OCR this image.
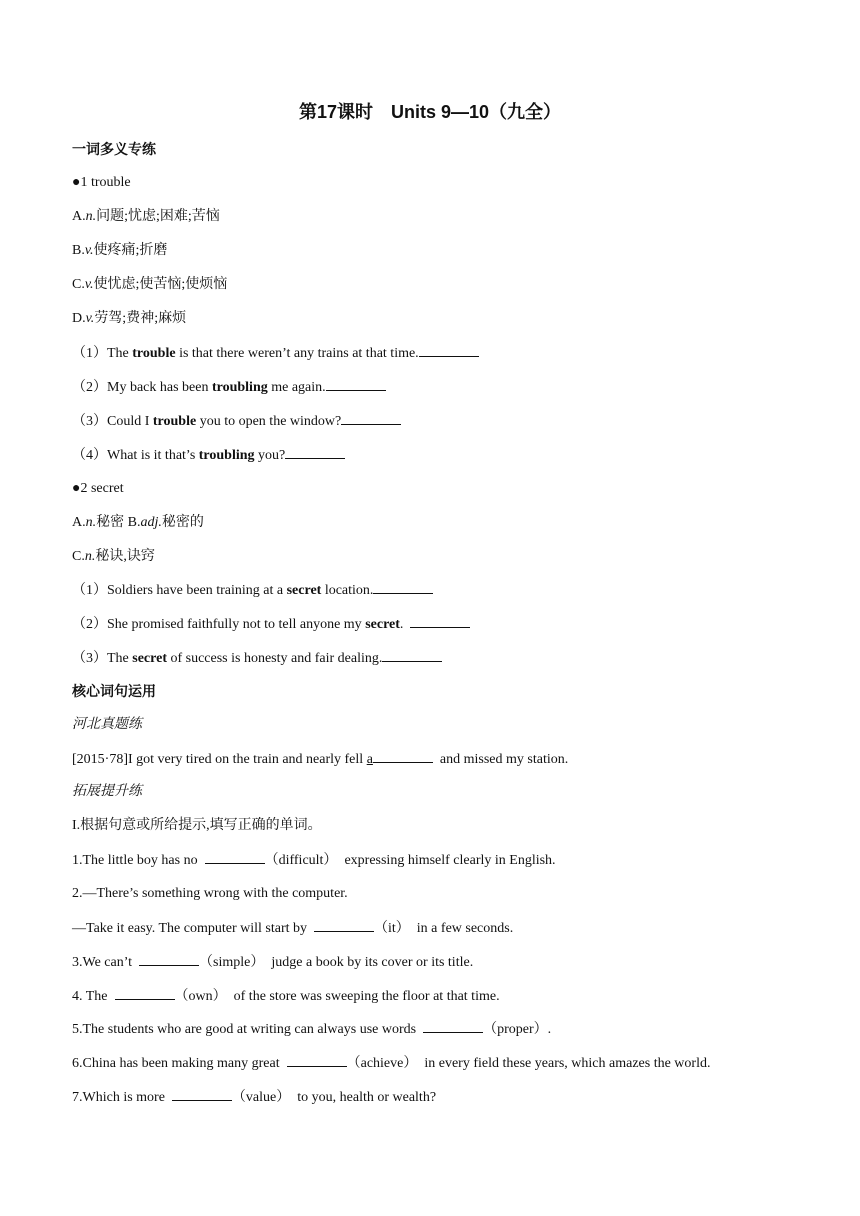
第17课时　Units 9—10（九全）
一词多义专练
●1 trouble
A.n.问题;忧虑;困难;苦恼
B.v.使疼痛;折磨
C.v.使忧虑;使苦恼;使烦恼
D.v.劳驾;费神;麻烦
（1）The trouble is that there weren’t any trains at that time.
（2）My back has been troubling me again.
（3）Could I trouble you to open the window?
（4）What is it that’s troubling you?
●2 secret
A.n.秘密 B.adj.秘密的
C.n.秘诀,诀窍
（1）Soldiers have been training at a secret location.
（2）She promised faithfully not to tell anyone my secret.
（3）The secret of success is honesty and fair dealing.
核心词句运用
河北真题练
[2015·78]I got very tired on the train and nearly fell a	and missed my station.
拓展提升练
I.根据句意或所给提示,填写正确的单词。
1.The little boy has no	（difficult）  expressing himself clearly in English.
2.—There’s something wrong with the computer.
—Take it easy. The computer will start by	（it）  in a few seconds.
3.We can’t	（simple）  judge a book by its cover or its title.
4. The	（own）  of the store was sweeping the floor at that time.
5.The students who are good at writing can always use words	（proper）.
6.China has been making many great	（achieve）  in every field these years, which amazes the world.
7.Which is more	（value）  to you, health or wealth?
